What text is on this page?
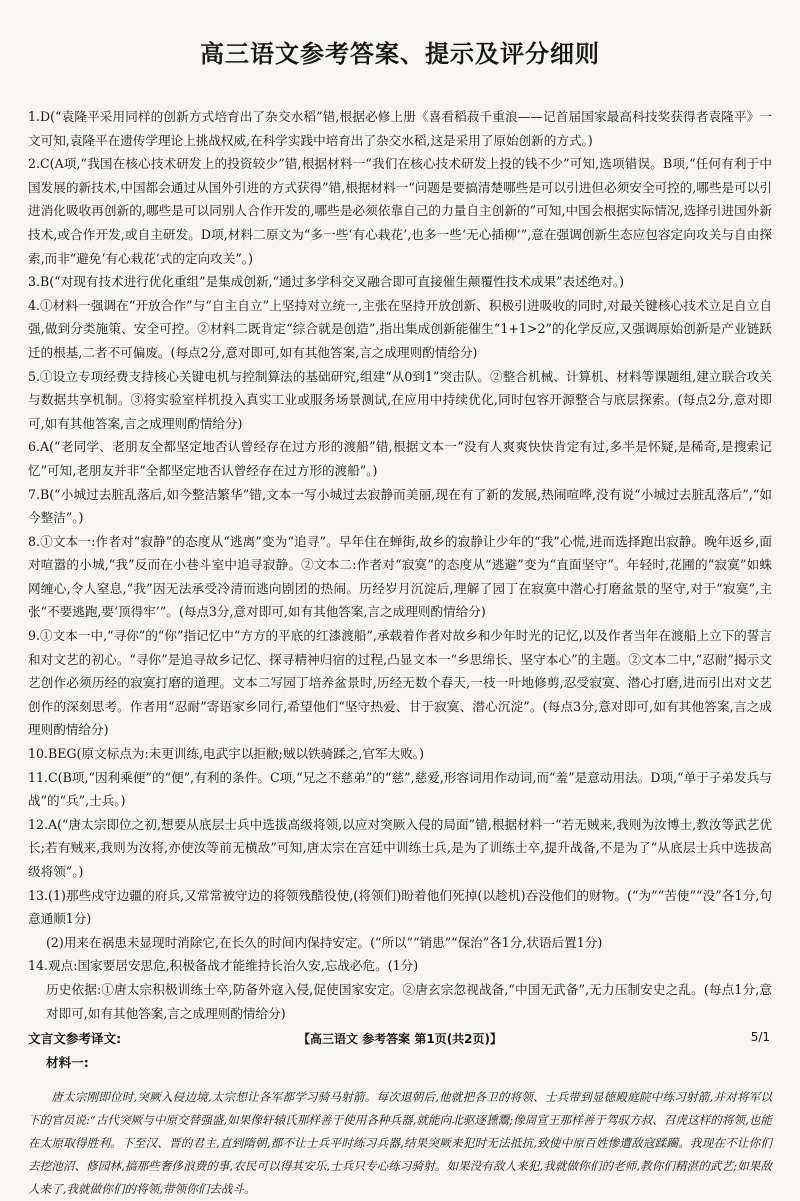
高三语文参考答案、提示及评分细则

1.D(“袁隆平采用同样的创新方式培育出了杂交水稻”错,根据必修上册《喜看稻菽千重浪——记首届国家最高科技奖获得者袁隆平》一文可知,袁隆平在遗传学理论上挑战权威,在科学实践中培育出了杂交水稻,这是采用了原始创新的方式。)

2.C(A项,“我国在核心技术研发上的投资较少”错,根据材料一“我们在核心技术研发上投的钱不少”可知,选项错误。B项,“任何有利于中国发展的新技术,中国都会通过从国外引进的方式获得”错,根据材料一“问题是要搞清楚哪些是可以引进但必须安全可控的,哪些是可以引进消化吸收再创新的,哪些是可以同别人合作开发的,哪些是必须依靠自己的力量自主创新的”可知,中国会根据实际情况,选择引进国外新技术,或合作开发,或自主研发。D项,材料二原文为“多一些‘有心栽花’,也多一些‘无心插柳’”,意在强调创新生态应包容定向攻关与自由探索,而非“避免‘有心栽花’式的定向攻关”。)

3.B(“对现有技术进行优化重组”是集成创新,“通过多学科交叉融合即可直接催生颠覆性技术成果”表述绝对。)

4.①材料一强调在“开放合作”与“自主自立”上坚持对立统一,主张在坚持开放创新、积极引进吸收的同时,对最关键核心技术立足自立自强,做到分类施策、安全可控。②材料二既肯定“综合就是创造”,指出集成创新能催生“1+1>2”的化学反应,又强调原始创新是产业链跃迁的根基,二者不可偏废。(每点2分,意对即可,如有其他答案,言之成理则酌情给分)

5.①设立专项经费支持核心关键电机与控制算法的基础研究,组建“从0到1”突击队。②整合机械、计算机、材料等课题组,建立联合攻关与数据共享机制。③将实验室样机投入真实工业或服务场景测试,在应用中持续优化,同时包容开源整合与底层探索。(每点2分,意对即可,如有其他答案,言之成理则酌情给分)

6.A(“老同学、老朋友全都坚定地否认曾经存在过方形的渡船”错,根据文本一“没有人爽爽快快肯定有过,多半是怀疑,是稀奇,是搜索记忆”可知,老朋友并非“全都坚定地否认曾经存在过方形的渡船”。)

7.B(“小城过去脏乱落后,如今整洁繁华”错,文本一写小城过去寂静而美丽,现在有了新的发展,热闹喧哗,没有说“小城过去脏乱落后”,“如今整洁”。)

8.①文本一:作者对“寂静”的态度从“逃离”变为“追寻”。早年住在蝉街,故乡的寂静让少年的“我”心慌,进而选择跑出寂静。晚年返乡,面对喧嚣的小城,“我”反而在小巷斗室中追寻寂静。②文本二:作者对“寂寞”的态度从“逃避”变为“直面坚守”。年轻时,花圃的“寂寞”如蛛网缠心,令人窒息,“我”因无法承受冷清而逃向剧团的热闹。历经岁月沉淀后,理解了园丁在寂寞中潜心打磨盆景的坚守,对于“寂寞”,主张“不要逃跑,要‘顶得牢’”。(每点3分,意对即可,如有其他答案,言之成理则酌情给分)

9.①文本一中,“寻你”的“你”指记忆中“方方的平底的红漆渡船”,承载着作者对故乡和少年时光的记忆,以及作者当年在渡船上立下的誓言和对文艺的初心。“寻你”是追寻故乡记忆、探寻精神归宿的过程,凸显文本一“乡思绵长、坚守本心”的主题。②文本二中,“忍耐”揭示文艺创作必须历经的寂寞打磨的道理。文本二写园丁培养盆景时,历经无数个春天,一枝一叶地修剪,忍受寂寞、潜心打磨,进而引出对文艺创作的深刻思考。作者用“忍耐”寄语家乡同行,希望他们“坚守热爱、甘于寂寞、潜心沉淀”。(每点3分,意对即可,如有其他答案,言之成理则酌情给分)

10.BEG(原文标点为:未更训练,电武宇以拒敝;贼以铁骑蹂之,官军大败。)

11.C(B项,“因利乘便”的“便”,有利的条件。C项,“兄之不慈弟”的“慈”,慈爱,形容词用作动词,而“羞”是意动用法。D项,“单于子弟发兵与战”的“兵”,士兵。)

12.A(“唐太宗即位之初,想要从底层士兵中选拔高级将领,以应对突厥入侵的局面”错,根据材料一“若无贼来,我则为汝博士,教汝等武艺优长;若有贼来,我则为汝将,亦使汝等前无横敌”可知,唐太宗在宫廷中训练士兵,是为了训练士卒,提升战备,不是为了“从底层士兵中选拔高级将领”。)

13.(1)那些戍守边疆的府兵,又常常被守边的将领残酷役使,(将领们)盼着他们死掉(以趁机)吞没他们的财物。(“为”“苦使”“没”各1分,句意通顺1分)

(2)用来在祸患未显现时消除它,在长久的时间内保持安定。(“所以”“销患”“保治”各1分,状语后置1分)

14.观点:国家要居安思危,积极备战才能维持长治久安,忘战必危。(1分)

历史依据:①唐太宗积极训练士卒,防备外寇入侵,促使国家安定。②唐玄宗忽视战备,“中国无武备”,无力压制安史之乱。(每点1分,意对即可,如有其他答案,言之成理则酌情给分)

文言文参考译文:
材料一:

唐太宗刚即位时,突厥入侵边境,太宗想让各军都学习骑马射箭。每次退朝后,他就把各卫的将领、士兵带到显德殿庭院中练习射箭,并对将军以下的官员说:“古代突厥与中原交替强盛,如果像轩辕氏那样善于使用各种兵器,就能向北驱逐獯鬻;像周宣王那样善于驾驭方叔、召虎这样的将领,也能在太原取得胜利。下至汉、晋的君主,直到隋朝,都不让士兵平时练习兵器,结果突厥来犯时无法抵抗,致使中原百姓惨遭敌寇蹂躏。我现在不让你们去挖池沼、修园林,搞那些奢侈浪费的事,农民可以得其安乐,士兵只专心练习骑射。如果没有敌人来犯,我就做你们的老师,教你们精湛的武艺;如果敌人来了,我就做你们的将领,带领你们去战斗。

【高三语文 参考答案 第1页(共2页)】	5/1
